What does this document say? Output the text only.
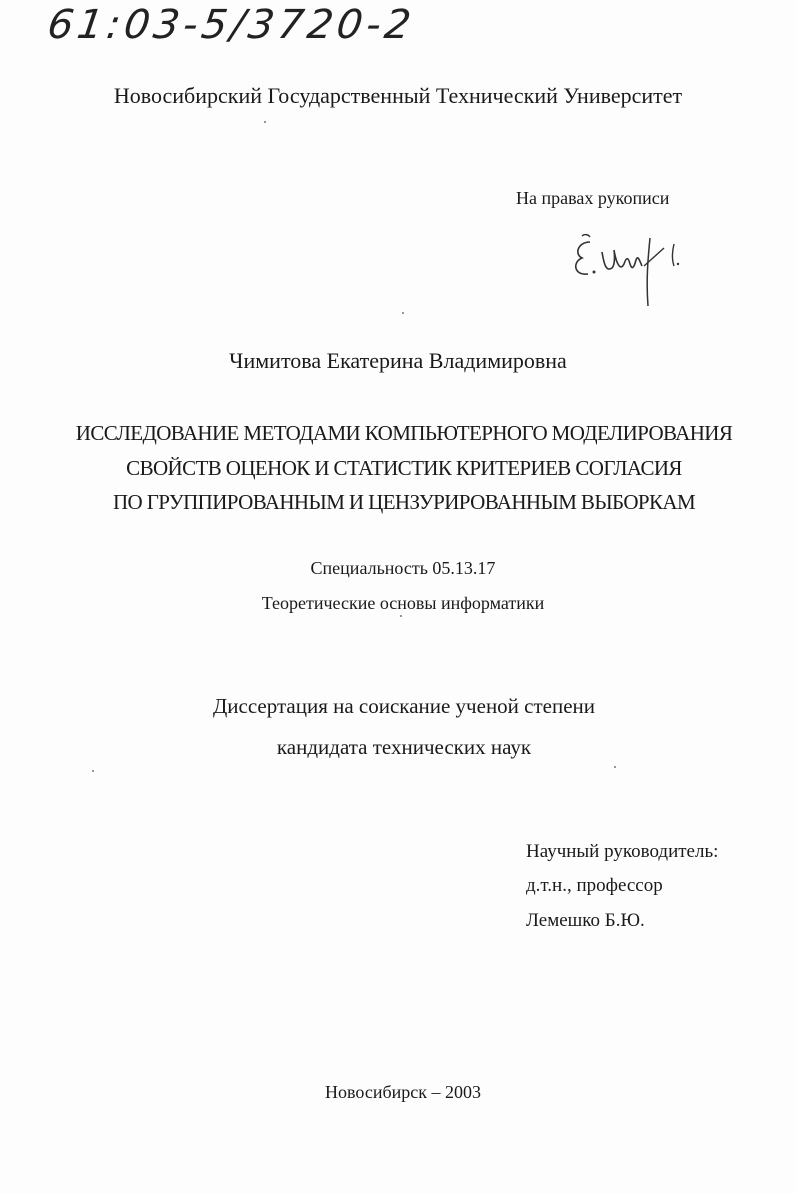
61:03-5/3720-2
Новосибирский Государственный Технический Университет
На правах рукописи
Чимитова Екатерина Владимировна
ИССЛЕДОВАНИЕ МЕТОДАМИ КОМПЬЮТЕРНОГО МОДЕЛИРОВАНИЯ
СВОЙСТВ ОЦЕНОК И СТАТИСТИК КРИТЕРИЕВ СОГЛАСИЯ
ПО ГРУППИРОВАННЫМ И ЦЕНЗУРИРОВАННЫМ ВЫБОРКАМ
Специальность 05.13.17
Теоретические основы информатики
Диссертация на соискание ученой степени
кандидата технических наук
Научный руководитель:
д.т.н., профессор
Лемешко Б.Ю.
Новосибирск – 2003
